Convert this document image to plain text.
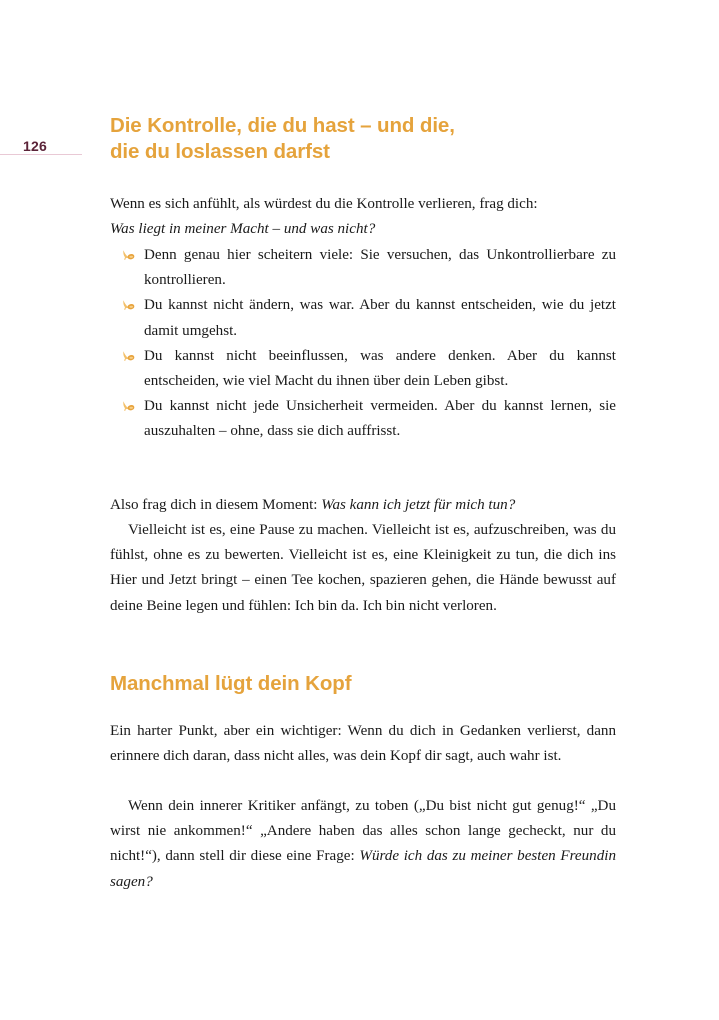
126
Die Kontrolle, die du hast – und die,
die du loslassen darfst

Wenn es sich anfühlt, als würdest du die Kontrolle verlieren, frag dich:
Was liegt in meiner Macht – und was nicht?

Denn genau hier scheitern viele: Sie versuchen, das Unkontrollierbare zu kontrollieren.
Du kannst nicht ändern, was war. Aber du kannst entscheiden, wie du jetzt damit umgehst.
Du kannst nicht beeinflussen, was andere denken. Aber du kannst entscheiden, wie viel Macht du ihnen über dein Leben gibst.
Du kannst nicht jede Unsicherheit vermeiden. Aber du kannst lernen, sie auszuhalten – ohne, dass sie dich auffrisst.

Also frag dich in diesem Moment: Was kann ich jetzt für mich tun?

Vielleicht ist es, eine Pause zu machen. Vielleicht ist es, aufzuschreiben, was du fühlst, ohne es zu bewerten. Vielleicht ist es, eine Kleinigkeit zu tun, die dich ins Hier und Jetzt bringt – einen Tee kochen, spazieren gehen, die Hände bewusst auf deine Beine legen und fühlen: Ich bin da. Ich bin nicht verloren.

Manchmal lügt dein Kopf

Ein harter Punkt, aber ein wichtiger: Wenn du dich in Gedanken verlierst, dann erinnere dich daran, dass nicht alles, was dein Kopf dir sagt, auch wahr ist.

Wenn dein innerer Kritiker anfängt, zu toben („Du bist nicht gut genug!“ „Du wirst nie ankommen!“ „Andere haben das alles schon lange gecheckt, nur du nicht!“), dann stell dir diese eine Frage: Würde ich das zu meiner besten Freundin sagen?
